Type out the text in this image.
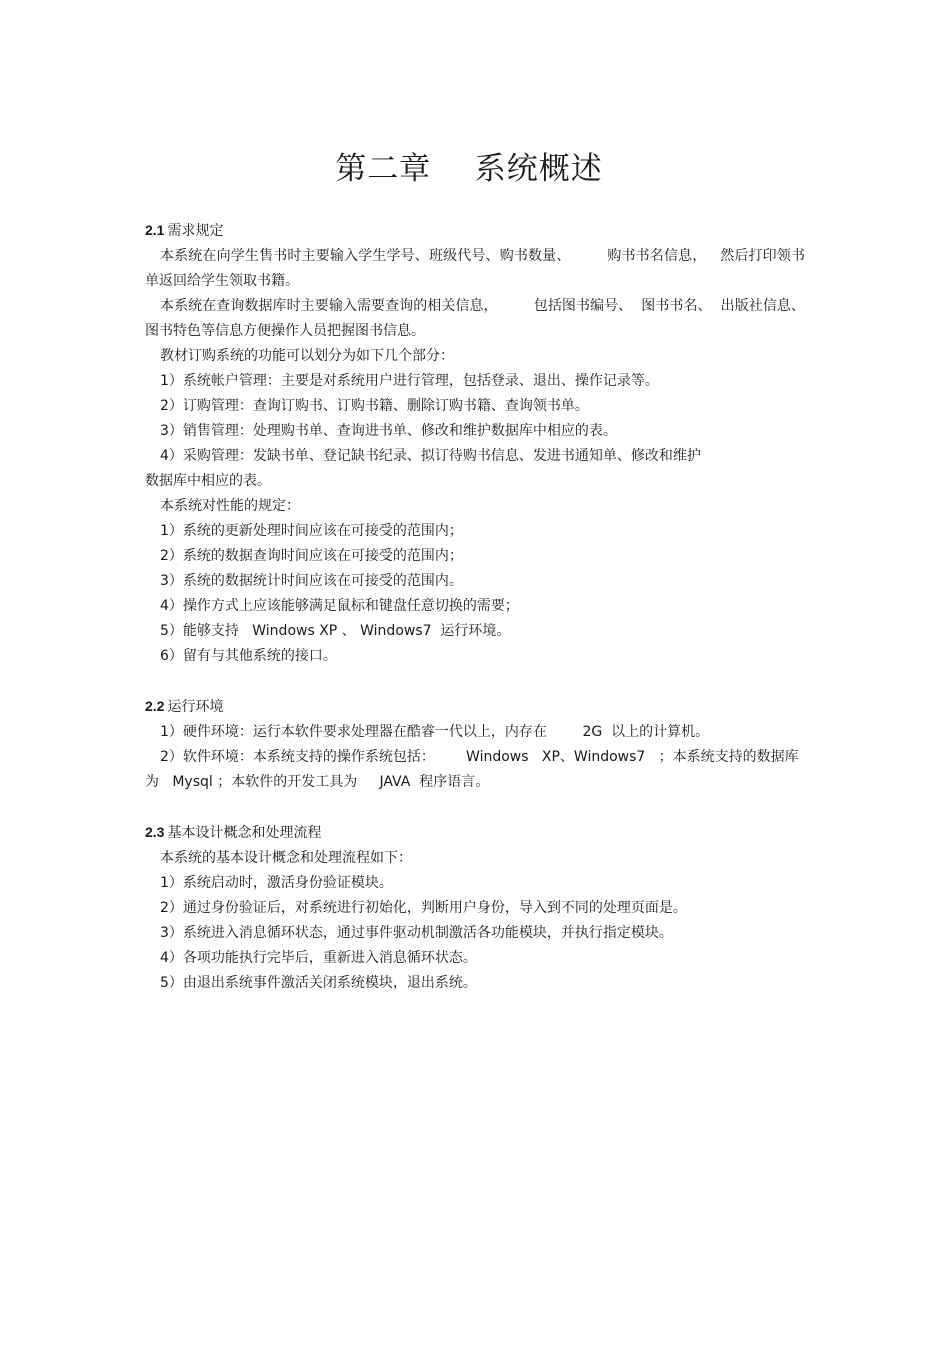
第二章    系统概述

2.1 需求规定

本系统在向学生售书时主要输入学生学号、班级代号、购书数量、        购书书名信息，   然后打印领书单返回给学生领取书籍。

本系统在查询数据库时主要输入需要查询的相关信息，        包括图书编号、  图书书名、  出版社信息、图书特色等信息方便操作人员把握图书信息。

教材订购系统的功能可以划分为如下几个部分：

1）系统帐户管理：主要是对系统用户进行管理，包括登录、退出、操作记录等。

2）订购管理：查询订购书、订购书籍、删除订购书籍、查询领书单。

3）销售管理：处理购书单、查询进书单、修改和维护数据库中相应的表。

4）采购管理：发缺书单、登记缺书纪录、拟订待购书信息、发进书通知单、修改和维护

数据库中相应的表。

本系统对性能的规定：

1）系统的更新处理时间应该在可接受的范围内；

2）系统的数据查询时间应该在可接受的范围内；

3）系统的数据统计时间应该在可接受的范围内。

4）操作方式上应该能够满足鼠标和键盘任意切换的需要；

5）能够支持   Windows XP 、 Windows7  运行环境。

6）留有与其他系统的接口。

2.2 运行环境

1）硬件环境：运行本软件要求处理器在酷睿一代以上，内存在        2G  以上的计算机。

2）软件环境：本系统支持的操作系统包括：       Windows   XP、Windows7   ；本系统支持的数据库为   Mysql ；本软件的开发工具为     JAVA  程序语言。

2.3 基本设计概念和处理流程

本系统的基本设计概念和处理流程如下：

1）系统启动时，激活身份验证模块。

2）通过身份验证后，对系统进行初始化，判断用户身份，导入到不同的处理页面是。

3）系统进入消息循环状态，通过事件驱动机制激活各功能模块，并执行指定模块。

4）各项功能执行完毕后，重新进入消息循环状态。

5）由退出系统事件激活关闭系统模块，退出系统。
